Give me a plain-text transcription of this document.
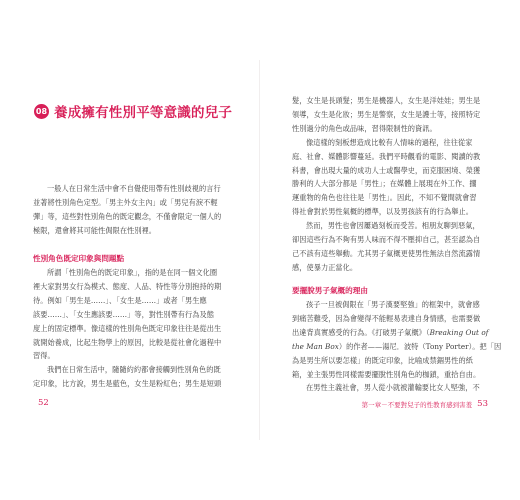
08 養成擁有性別平等意識的兒子

一般人在日常生活中會不自覺使用帶有性別歧視的言行
並著將性別角色定型。「男主外女主內」或「男兒有淚不輕
彈」等，這些對性別角色的既定觀念，不僅會限定一個人的
極限，還會將其可能性侷限在性別裡。

性別角色既定印象與問題點

所謂「性別角色的既定印象」，指的是在同一個文化圈
裡大家對男女行為模式、態度、人品、特性等分別抱持的期
待。例如「男生是……」、「女生是……」或者「男生應
該要……」、「女生應該要……」等，對性別帶有行為及態
度上的固定標準。像這樣的性別角色既定印象往往是從出生
就開始養成，比起生物學上的原因，比較是從社會化過程中
習得。
我們在日常生活中，隨隨約約都會接觸到性別角色的既
定印象，比方說，男生是藍色，女生是粉紅色；男生是短頭

52

髮，女生是長頭髮；男生是機器人，女生是洋娃娃；男生是
領導，女生是化妝；男生是警察，女生是護士等，接照特定
性別過分的角色或品味，習得限制性的資訊。
像這樣的刻板想造成比較有人情味的過程，往往從家
庭、社會、媒體影響蔓延。我們平時觀看的電影、閱讀的教
科書，會出現大量的成功人士或醫學史，而克服困境、榮獲
勝利的人大部分都是「男性」；在媒體上展現在外工作、擱
運重物的角色也往往是「男性」。因此，不知不覺間就會習
得社會對於男性氣概的標準，以及男孩該有的行為舉止。
然而，男性也會因屢過刻板而受苦。相朋友聊到惡氣，
卻因這些行為不夠有男人味而不得不壓抑自己，甚至認為自
己不該有這些舉動。尤其男子氣概更使男性無法自然流露情
感，使暴力正當化。

要擺脫男子氣概的理由

孩子一旦被侷限在「男子漢要堅強」的框架中，就會感
到痛苦難受，因為會變得不能輕易表達自身情感，也需要做
出違背真實感受的行為。《打破男子氣概》（Breaking Out of
the Man Box）的作者——湯尼．波特（Tony Porter）。把「因
為是男生所以要怎樣」的既定印象，比喻成禁錮男性的紙
箱，並主張男性同樣需要擺脫性別角色的枷鎖，重拾自由。
在男性主義社會，男人從小就被灌輸要比女人堅強，不

第一章－不要對兒子的性教育感到害羞 53
